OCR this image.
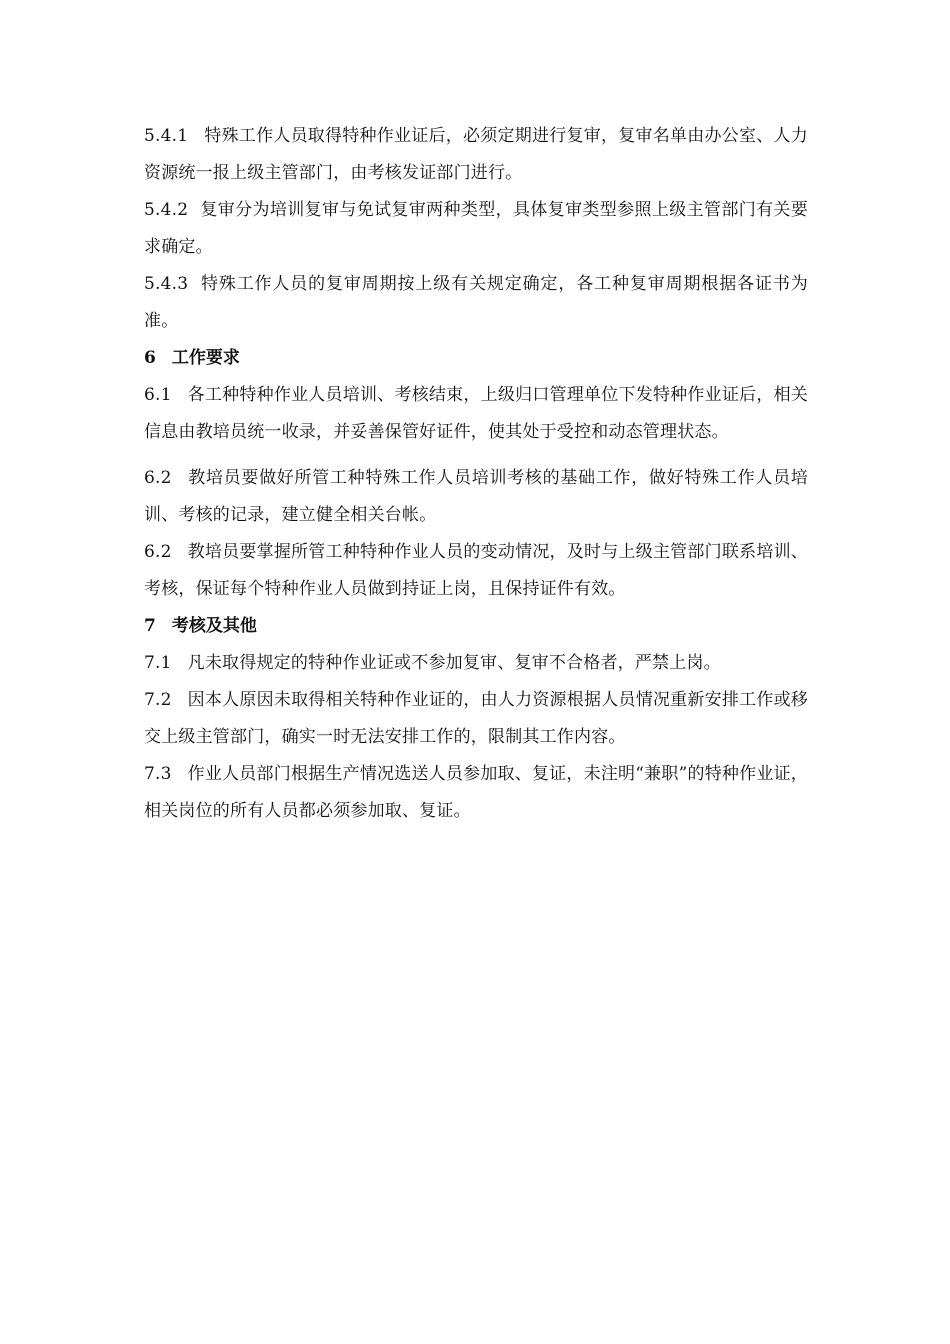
5.4.1 特殊工作人员取得特种作业证后，必须定期进行复审，复审名单由办公室、人力资源统一报上级主管部门，由考核发证部门进行。

5.4.2 复审分为培训复审与免试复审两种类型，具体复审类型参照上级主管部门有关要求确定。

5.4.3 特殊工作人员的复审周期按上级有关规定确定，各工种复审周期根据各证书为准。

6 工作要求

6.1 各工种特种作业人员培训、考核结束，上级归口管理单位下发特种作业证后，相关信息由教培员统一收录，并妥善保管好证件，使其处于受控和动态管理状态。

6.2 教培员要做好所管工种特殊工作人员培训考核的基础工作，做好特殊工作人员培训、考核的记录，建立健全相关台帐。

6.2 教培员要掌握所管工种特种作业人员的变动情况，及时与上级主管部门联系培训、考核，保证每个特种作业人员做到持证上岗，且保持证件有效。

7 考核及其他

7.1 凡未取得规定的特种作业证或不参加复审、复审不合格者，严禁上岗。

7.2 因本人原因未取得相关特种作业证的，由人力资源根据人员情况重新安排工作或移交上级主管部门，确实一时无法安排工作的，限制其工作内容。

7.3 作业人员部门根据生产情况选送人员参加取、复证，未注明“兼职”的特种作业证，相关岗位的所有人员都必须参加取、复证。
